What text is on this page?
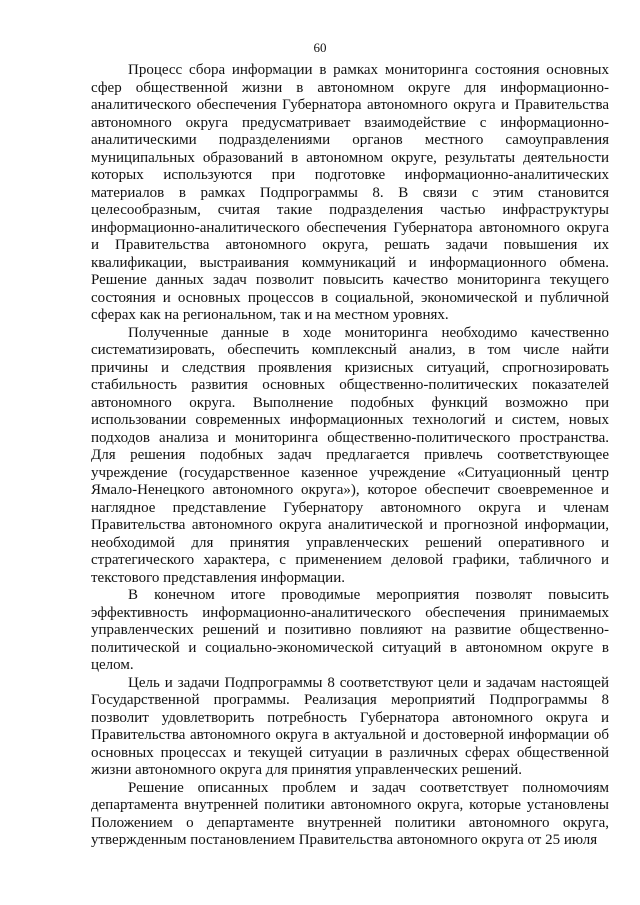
60

Процесс сбора информации в рамках мониторинга состояния основных сфер общественной жизни в автономном округе для информационно-аналитического обеспечения Губернатора автономного округа и Правительства автономного округа предусматривает взаимодействие с информационно-аналитическими подразделениями органов местного самоуправления муниципальных образований в автономном округе, результаты деятельности которых используются при подготовке информационно-аналитических материалов в рамках Подпрограммы 8. В связи с этим становится целесообразным, считая такие подразделения частью инфраструктуры информационно-аналитического обеспечения Губернатора автономного округа и Правительства автономного округа, решать задачи повышения их квалификации, выстраивания коммуникаций и информационного обмена. Решение данных задач позволит повысить качество мониторинга текущего состояния и основных процессов в социальной, экономической и публичной сферах как на региональном, так и на местном уровнях.

Полученные данные в ходе мониторинга необходимо качественно систематизировать, обеспечить комплексный анализ, в том числе найти причины и следствия проявления кризисных ситуаций, спрогнозировать стабильность развития основных общественно-политических показателей автономного округа. Выполнение подобных функций возможно при использовании современных информационных технологий и систем, новых подходов анализа и мониторинга общественно-политического пространства. Для решения подобных задач предлагается привлечь соответствующее учреждение (государственное казенное учреждение «Ситуационный центр Ямало-Ненецкого автономного округа»), которое обеспечит своевременное и наглядное представление Губернатору автономного округа и членам Правительства автономного округа аналитической и прогнозной информации, необходимой для принятия управленческих решений оперативного и стратегического характера, с применением деловой графики, табличного и текстового представления информации.

В конечном итоге проводимые мероприятия позволят повысить эффективность информационно-аналитического обеспечения принимаемых управленческих решений и позитивно повлияют на развитие общественно-политической и социально-экономической ситуаций в автономном округе в целом.

Цель и задачи Подпрограммы 8 соответствуют цели и задачам настоящей Государственной программы. Реализация мероприятий Подпрограммы 8 позволит удовлетворить потребность Губернатора автономного округа и Правительства автономного округа в актуальной и достоверной информации об основных процессах и текущей ситуации в различных сферах общественной жизни автономного округа для принятия управленческих решений.

Решение описанных проблем и задач соответствует полномочиям департамента внутренней политики автономного округа, которые установлены Положением о департаменте внутренней политики автономного округа, утвержденным постановлением Правительства автономного округа от 25 июля
